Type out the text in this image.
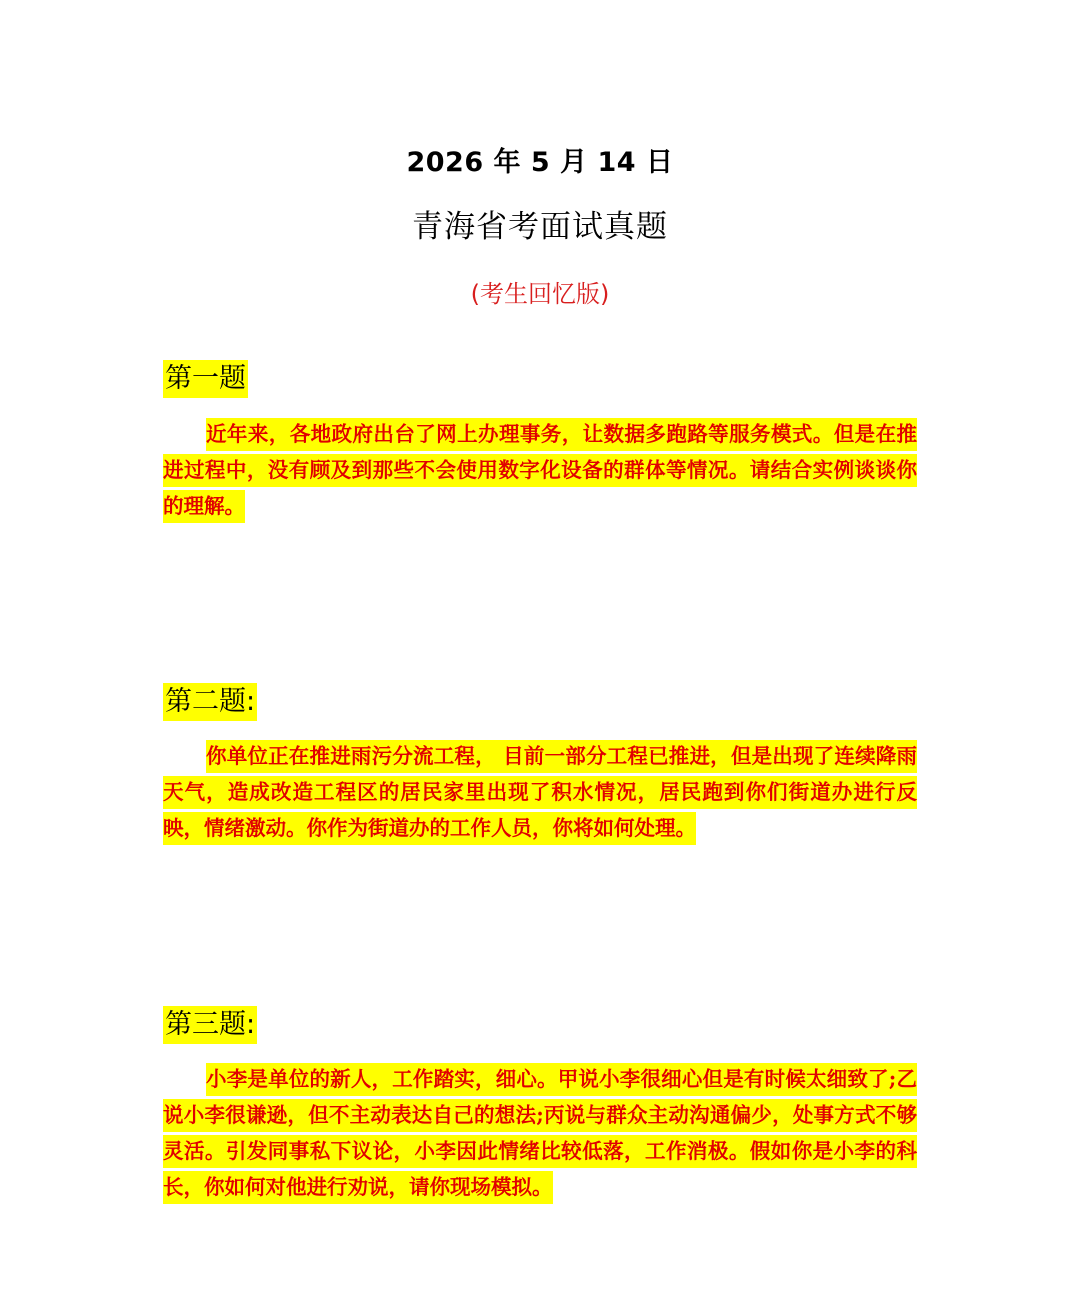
2026 年 5 月 14 日
青海省考面试真题
(考生回忆版)
第一题

近年来，各地政府出台了网上办理事务，让数据多跑路等服务模式。但是在推进过程中，没有顾及到那些不会使用数字化设备的群体等情况。请结合实例谈谈你的理解。

第二题:

你单位正在推进雨污分流工程， 目前一部分工程已推进，但是出现了连续降雨天气，造成改造工程区的居民家里出现了积水情况，居民跑到你们街道办进行反映，情绪激动。你作为街道办的工作人员，你将如何处理。

第三题:

小李是单位的新人，工作踏实，细心。甲说小李很细心但是有时候太细致了;乙说小李很谦逊，但不主动表达自己的想法;丙说与群众主动沟通偏少，处事方式不够灵活。引发同事私下议论，小李因此情绪比较低落，工作消极。假如你是小李的科长，你如何对他进行劝说，请你现场模拟。
